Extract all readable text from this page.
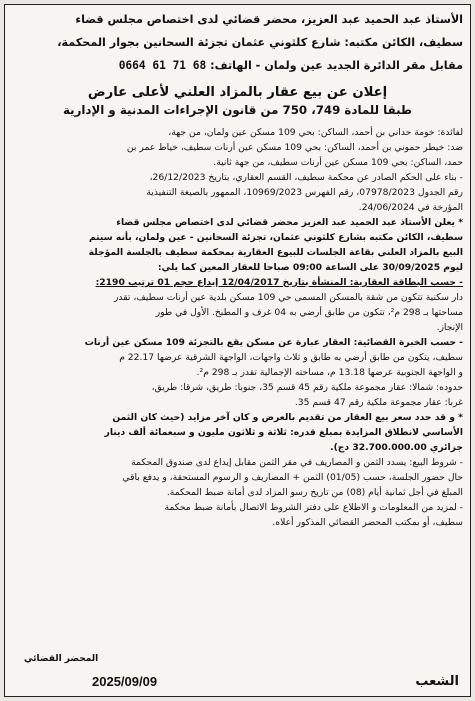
الأستاذ عبد الحميد عبد العزيز، محضر قضائي لدى اختصاص مجلس قضاء
سطيف، الكائن مكتبه: شارع كلثوني عثمان تجزئة السحانين بجوار المحكمة،
مقابل مقر الدائرة الجديد عين ولمان - الهاتف: 0664 61 71 68
إعلان عن بيع عقار بالمزاد العلني لأعلى عارض
طبقا للمادة 749، 750 من قانون الإجراءات المدنية و الإدارية
لفائدة: خومة حداني بن أحمد، الساكن: بحي 109 مسكن عين ولمان، من جهة،
ضد: خيطر حموني بن أحمد، الساكن: بحي 109 مسكن عين أرنات سطيف، خياط عمر بن
حمد، الساكن: بحي 109 مسكن عين أرنات سطيف، من جهة ثانية.
- بناء على الحكم الصادر عن محكمة سطيف، القسم العقاري، بتاريخ 26/12/2023،
رقم الجدول 07978/2023، رقم الفهرس 10969/2023، الممهور بالصيغة التنفيذية
المؤرخة في 24/06/2024.
* يعلن الأستاذ عبد الحميد عبد العزيز محضر قضائي لدى اختصاص مجلس قضاء
سطيف، الكائن مكتبه بشارع كلثوني عثمان، تجزئة السحانين - عين ولمان، بأنه سيتم
البيع بالمزاد العلني بقاعة الجلسات للبيوع العقارية بمحكمة سطيف بالجلسة المؤجلة
ليوم 30/09/2025 على الساعة 09:00 صباحا للعقار المعين كما يلي:
- حسب البطاقة العقارية: المنشأة بتاريخ 12/04/2017 إيداع حجم 01 ترتيب 2190:
دار سكنية تتكون من شقة بالمسكن المسمى حي 109 مسكن بلدية عين أرنات سطيف، تقدر
مساحتها بـ 298 م²، تتكون من طابق أرضي به 04 غرف و المطبخ. الأول في طور
الإنجاز.
- حسب الخبرة القضائية: العقار عبارة عن مسكن يقع بالتجزئة 109 مسكن عين أرنات
سطيف، يتكون من طابق أرضي به طابق و ثلاث واجهات، الواجهة الشرقية عرضها 22.17 م
و الواجهة الجنوبية عرضها 13.18 م، مساحته الإجمالية تقدر بـ 298 م².
حدوده: شمالا: عقار مجموعة ملكية رقم 45 قسم 35، جنوبا: طريق، شرقا: طريق،
غربا: عقار مجموعة ملكية رقم 47 قسم 35.
* و قد حدد سعر بيع العقار من تقديم بالعرض و كان آخر مزايد (حيث كان الثمن
الأساسي لانطلاق المزايدة بمبلغ قدره: ثلاثة و ثلاثون مليون و سبعمائة ألف دينار
جزائري 32.700.000.00 دج).
- شروط البيع: يسدد الثمن و المصاريف في مقر الثمن مقابل إيداع لدى صندوق المحكمة
حال حضور الجلسة، حسب (01/05) الثمن + المصاريف و الرسوم المستحقة، و يدفع باقي
المبلغ في أجل ثمانية أيام (08) من تاريخ رسو المزاد لدى أمانة ضبط المحكمة.
- لمزيد من المعلومات و الاطلاع على دفتر الشروط الاتصال بأمانة ضبط محكمة
سطيف، أو بمكتب المحضر القضائي المذكور أعلاه.
المحضر القضائي
الشعب
2025/09/09
